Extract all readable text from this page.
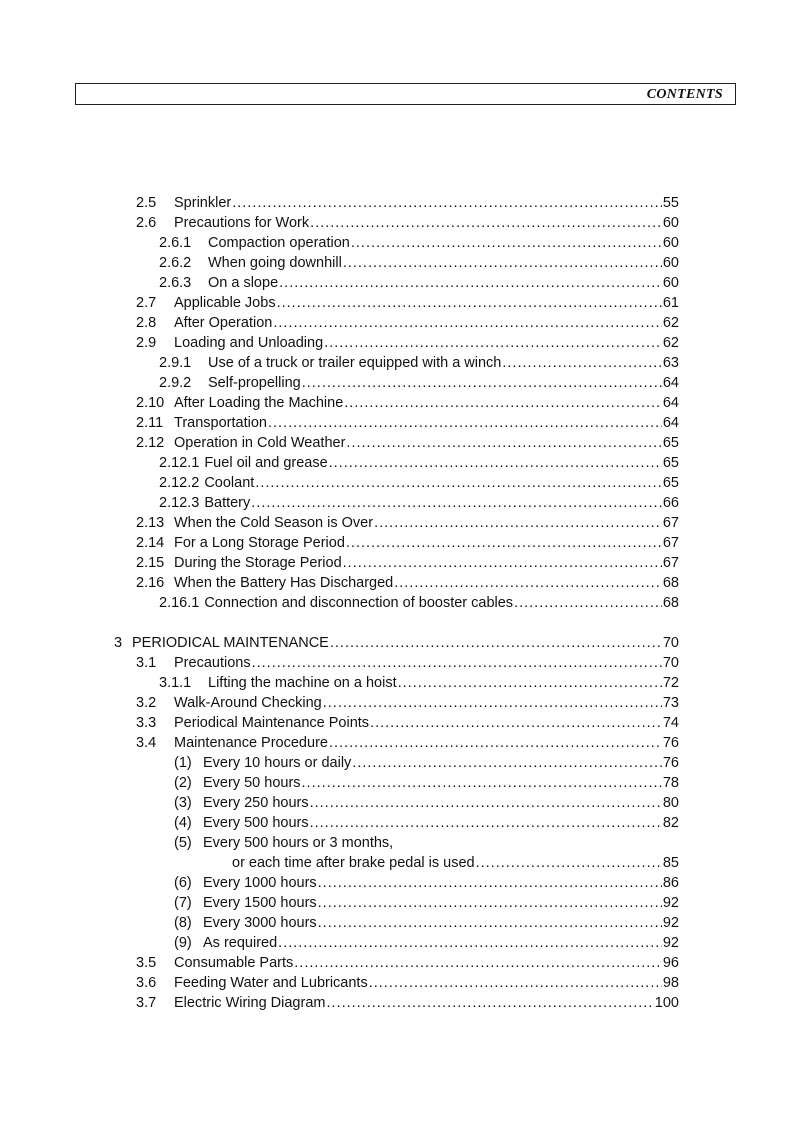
CONTENTS
2.5	Sprinkler .....	55
2.6	Precautions for Work .....	60
2.6.1	Compaction operation .....	60
2.6.2	When going downhill .....	60
2.6.3	On a slope .....	60
2.7	Applicable Jobs .....	61
2.8	After Operation .....	62
2.9	Loading and Unloading .....	62
2.9.1	Use of a truck or trailer equipped with a winch .....	63
2.9.2	Self-propelling .....	64
2.10 After Loading the Machine .....	64
2.11 Transportation .....	64
2.12 Operation in Cold Weather .....	65
2.12.1 Fuel oil and grease .....	65
2.12.2 Coolant .....	65
2.12.3 Battery .....	66
2.13 When the Cold Season is Over .....	67
2.14 For a Long Storage Period .....	67
2.15 During the Storage Period .....	67
2.16 When the Battery Has Discharged .....	68
2.16.1 Connection and disconnection of booster cables .....	68
3 PERIODICAL MAINTENANCE .....	70
3.1	Precautions .....	70
3.1.1	Lifting the machine on a hoist .....	72
3.2	Walk-Around Checking .....	73
3.3	Periodical Maintenance Points .....	74
3.4	Maintenance Procedure .....	76
(1) Every 10 hours or daily .....	76
(2) Every 50 hours .....	78
(3) Every 250 hours .....	80
(4) Every 500 hours .....	82
(5) Every 500 hours or 3 months,
or each time after brake pedal is used .....	85
(6) Every 1000 hours .....	86
(7) Every 1500 hours .....	92
(8) Every 3000 hours .....	92
(9) As required .....	92
3.5	Consumable Parts .....	96
3.6	Feeding Water and Lubricants .....	98
3.7	Electric Wiring Diagram .....	100
